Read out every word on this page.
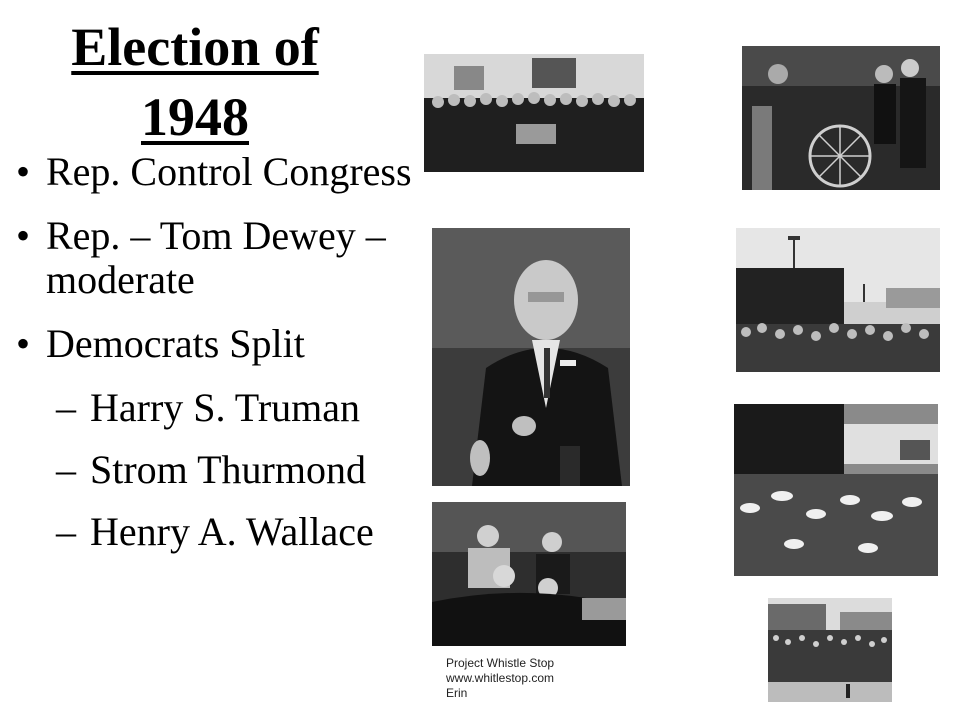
Election of
1948
• Rep. Control Congress
• Rep. – Tom Dewey – moderate
• Democrats Split
– Harry S. Truman
– Strom Thurmond
– Henry A. Wallace
Project Whistle Stop
www.whitlestop.com
Erin
